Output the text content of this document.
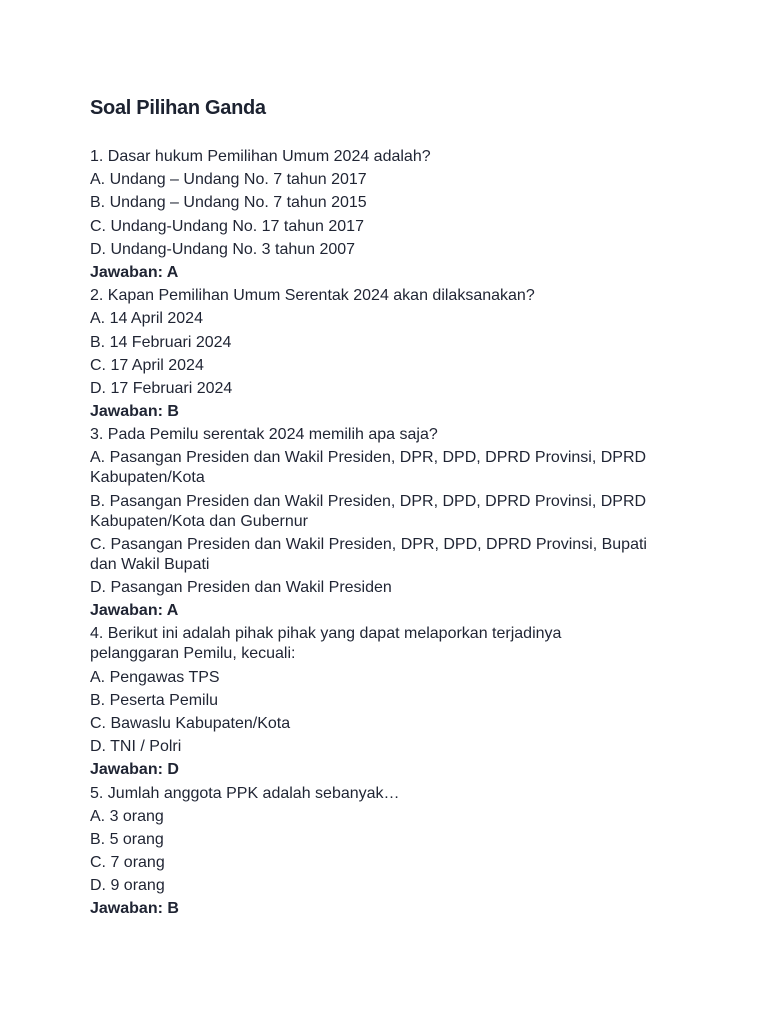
Soal Pilihan Ganda

1. Dasar hukum Pemilihan Umum 2024 adalah?

A. Undang – Undang No. 7 tahun 2017

B. Undang – Undang No. 7 tahun 2015

C. Undang-Undang No. 17 tahun 2017

D. Undang-Undang No. 3 tahun 2007

Jawaban: A

2. Kapan Pemilihan Umum Serentak 2024 akan dilaksanakan?

A. 14 April 2024

B. 14 Februari 2024

C. 17 April 2024

D. 17 Februari 2024

Jawaban: B

3. Pada Pemilu serentak 2024 memilih apa saja?

A. Pasangan Presiden dan Wakil Presiden, DPR, DPD, DPRD Provinsi, DPRD Kabupaten/Kota

B. Pasangan Presiden dan Wakil Presiden, DPR, DPD, DPRD Provinsi, DPRD Kabupaten/Kota dan Gubernur

C. Pasangan Presiden dan Wakil Presiden, DPR, DPD, DPRD Provinsi, Bupati dan Wakil Bupati

D. Pasangan Presiden dan Wakil Presiden

Jawaban: A

4. Berikut ini adalah pihak pihak yang dapat melaporkan terjadinya pelanggaran Pemilu, kecuali:

A. Pengawas TPS

B. Peserta Pemilu

C. Bawaslu Kabupaten/Kota

D. TNI / Polri

Jawaban: D

5. Jumlah anggota PPK adalah sebanyak…

A. 3 orang

B. 5 orang

C. 7 orang

D. 9 orang

Jawaban: B
